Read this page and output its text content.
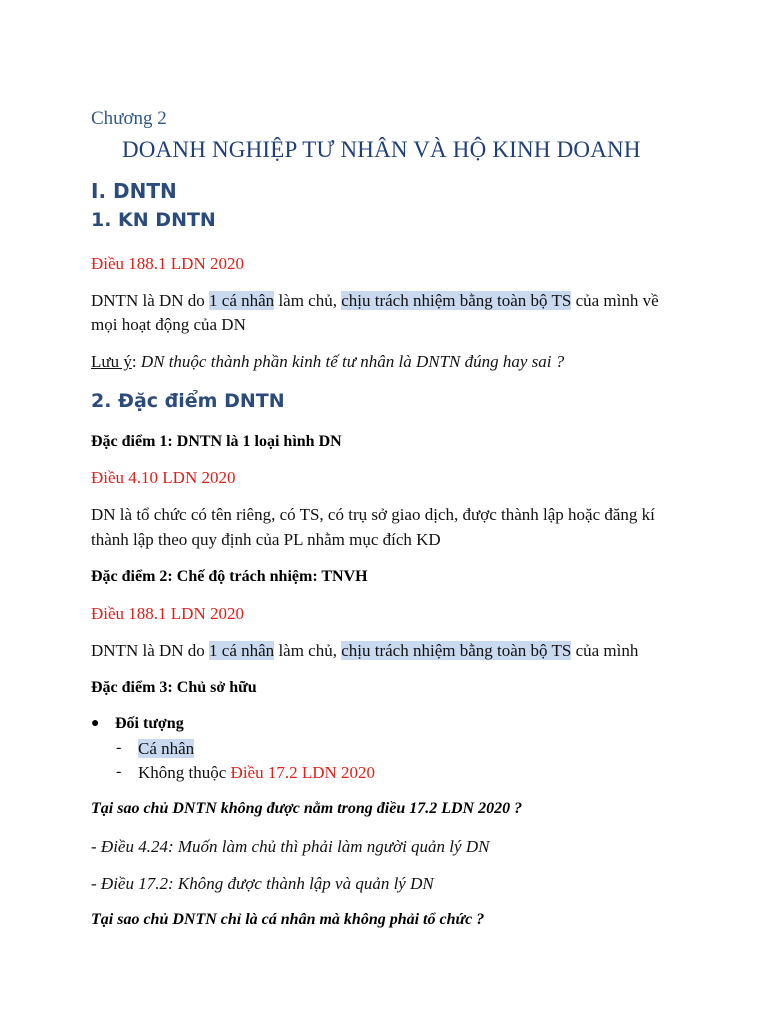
Chương 2
DOANH NGHIỆP TƯ NHÂN VÀ HỘ KINH DOANH
I. DNTN
1. KN DNTN
Điều 188.1 LDN 2020
DNTN là DN do 1 cá nhân làm chủ, chịu trách nhiệm bằng toàn bộ TS của mình về
mọi hoạt động của DN
Lưu ý: DN thuộc thành phần kinh tế tư nhân là DNTN đúng hay sai ?
2. Đặc điểm DNTN
Đặc điểm 1: DNTN là 1 loại hình DN
Điều 4.10 LDN 2020
DN là tổ chức có tên riêng, có TS, có trụ sở giao dịch, được thành lập hoặc đăng kí
thành lập theo quy định của PL nhằm mục đích KD
Đặc điểm 2: Chế độ trách nhiệm: TNVH
Điều 188.1 LDN 2020
DNTN là DN do 1 cá nhân làm chủ, chịu trách nhiệm bằng toàn bộ TS của mình
Đặc điểm 3: Chủ sở hữu
● Đối tượng
- Cá nhân
- Không thuộc Điều 17.2 LDN 2020
Tại sao chủ DNTN không được nằm trong điều 17.2 LDN 2020 ?
- Điều 4.24: Muốn làm chủ thì phải làm người quản lý DN
- Điều 17.2: Không được thành lập và quản lý DN
Tại sao chủ DNTN chỉ là cá nhân mà không phải tổ chức ?
